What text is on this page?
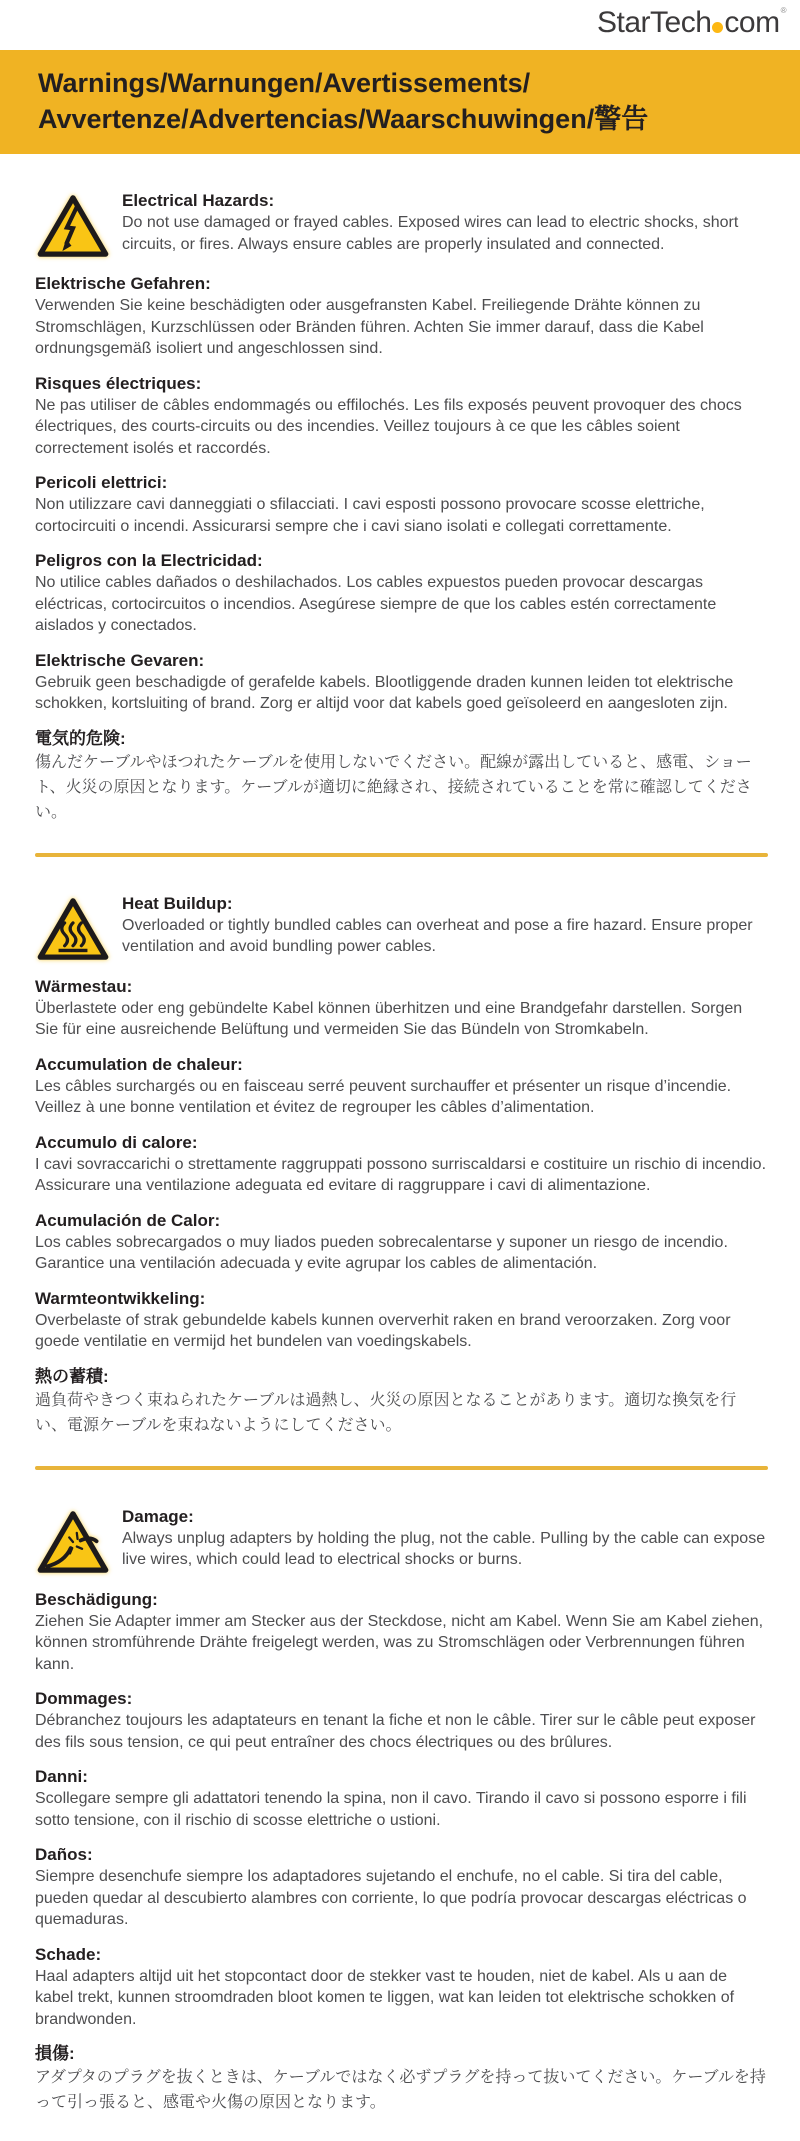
StarTech com®
Warnings/Warnungen/Avertissements/
Avvertenze/Advertencias/Waarschuwingen/警告
Electrical Hazards:

Do not use damaged or frayed cables. Exposed wires can lead to electric shocks, short circuits, or fires. Always ensure cables are properly insulated and connected.

Elektrische Gefahren:

Verwenden Sie keine beschädigten oder ausgefransten Kabel. Freiliegende Drähte können zu Stromschlägen, Kurzschlüssen oder Bränden führen. Achten Sie immer darauf, dass die Kabel ordnungsgemäß isoliert und angeschlossen sind.

Risques électriques:

Ne pas utiliser de câbles endommagés ou effilochés. Les fils exposés peuvent provoquer des chocs électriques, des courts-circuits ou des incendies. Veillez toujours à ce que les câbles soient correctement isolés et raccordés.

Pericoli elettrici:

Non utilizzare cavi danneggiati o sfilacciati. I cavi esposti possono provocare scosse elettriche, cortocircuiti o incendi. Assicurarsi sempre che i cavi siano isolati e collegati correttamente.

Peligros con la Electricidad:

No utilice cables dañados o deshilachados. Los cables expuestos pueden provocar descargas eléctricas, cortocircuitos o incendios. Asegúrese siempre de que los cables estén correctamente aislados y conectados.

Elektrische Gevaren:

Gebruik geen beschadigde of gerafelde kabels. Blootliggende draden kunnen leiden tot elektrische schokken, kortsluiting of brand. Zorg er altijd voor dat kabels goed geïsoleerd en aangesloten zijn.

電気的危険:

傷んだケーブルやほつれたケーブルを使用しないでください。配線が露出していると、感電、ショート、火災の原因となります。ケーブルが適切に絶縁され、接続されていることを常に確認してください。

Heat Buildup:

Overloaded or tightly bundled cables can overheat and pose a fire hazard. Ensure proper ventilation and avoid bundling power cables.

Wärmestau:

Überlastete oder eng gebündelte Kabel können überhitzen und eine Brandgefahr darstellen. Sorgen Sie für eine ausreichende Belüftung und vermeiden Sie das Bündeln von Stromkabeln.

Accumulation de chaleur:

Les câbles surchargés ou en faisceau serré peuvent surchauffer et présenter un risque d’incendie. Veillez à une bonne ventilation et évitez de regrouper les câbles d’alimentation.

Accumulo di calore:

I cavi sovraccarichi o strettamente raggruppati possono surriscaldarsi e costituire un rischio di incendio. Assicurare una ventilazione adeguata ed evitare di raggruppare i cavi di alimentazione.

Acumulación de Calor:

Los cables sobrecargados o muy liados pueden sobrecalentarse y suponer un riesgo de incendio. Garantice una ventilación adecuada y evite agrupar los cables de alimentación.

Warmteontwikkeling:

Overbelaste of strak gebundelde kabels kunnen oververhit raken en brand veroorzaken. Zorg voor goede ventilatie en vermijd het bundelen van voedingskabels.

熱の蓄積:

過負荷やきつく束ねられたケーブルは過熱し、火災の原因となることがあります。適切な換気を行い、電源ケーブルを束ねないようにしてください。

Damage:

Always unplug adapters by holding the plug, not the cable. Pulling by the cable can expose live wires, which could lead to electrical shocks or burns.

Beschädigung:

Ziehen Sie Adapter immer am Stecker aus der Steckdose, nicht am Kabel. Wenn Sie am Kabel ziehen, können stromführende Drähte freigelegt werden, was zu Stromschlägen oder Verbrennungen führen kann.

Dommages:

Débranchez toujours les adaptateurs en tenant la fiche et non le câble. Tirer sur le câble peut exposer des fils sous tension, ce qui peut entraîner des chocs électriques ou des brûlures.

Danni:

Scollegare sempre gli adattatori tenendo la spina, non il cavo. Tirando il cavo si possono esporre i fili sotto tensione, con il rischio di scosse elettriche o ustioni.

Daños:

Siempre desenchufe siempre los adaptadores sujetando el enchufe, no el cable. Si tira del cable, pueden quedar al descubierto alambres con corriente, lo que podría provocar descargas eléctricas o quemaduras.

Schade:

Haal adapters altijd uit het stopcontact door de stekker vast te houden, niet de kabel. Als u aan de kabel trekt, kunnen stroomdraden bloot komen te liggen, wat kan leiden tot elektrische schokken of brandwonden.

損傷:

アダプタのプラグを抜くときは、ケーブルではなく必ずプラグを持って抜いてください。ケーブルを持って引っ張ると、感電や火傷の原因となります。
